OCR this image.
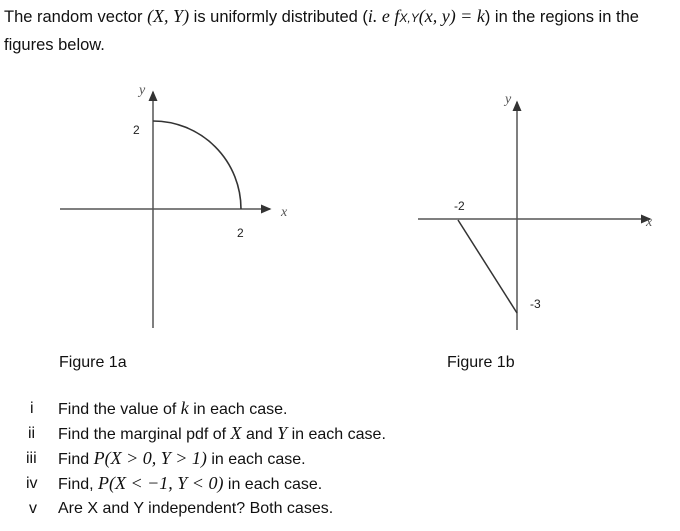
The random vector (X, Y) is uniformly distributed (i. e fX,Y(x, y) = k) in the regions in the figures below.
y
x
2
2
y
x
-2
-3
Figure 1a	Figure 1b
i	Find the value of k in each case.
ii	Find the marginal pdf of X and Y in each case.
iii	Find P(X > 0, Y > 1) in each case.
iv	Find, P(X < −1, Y < 0) in each case.
v	Are X and Y independent? Both cases.
